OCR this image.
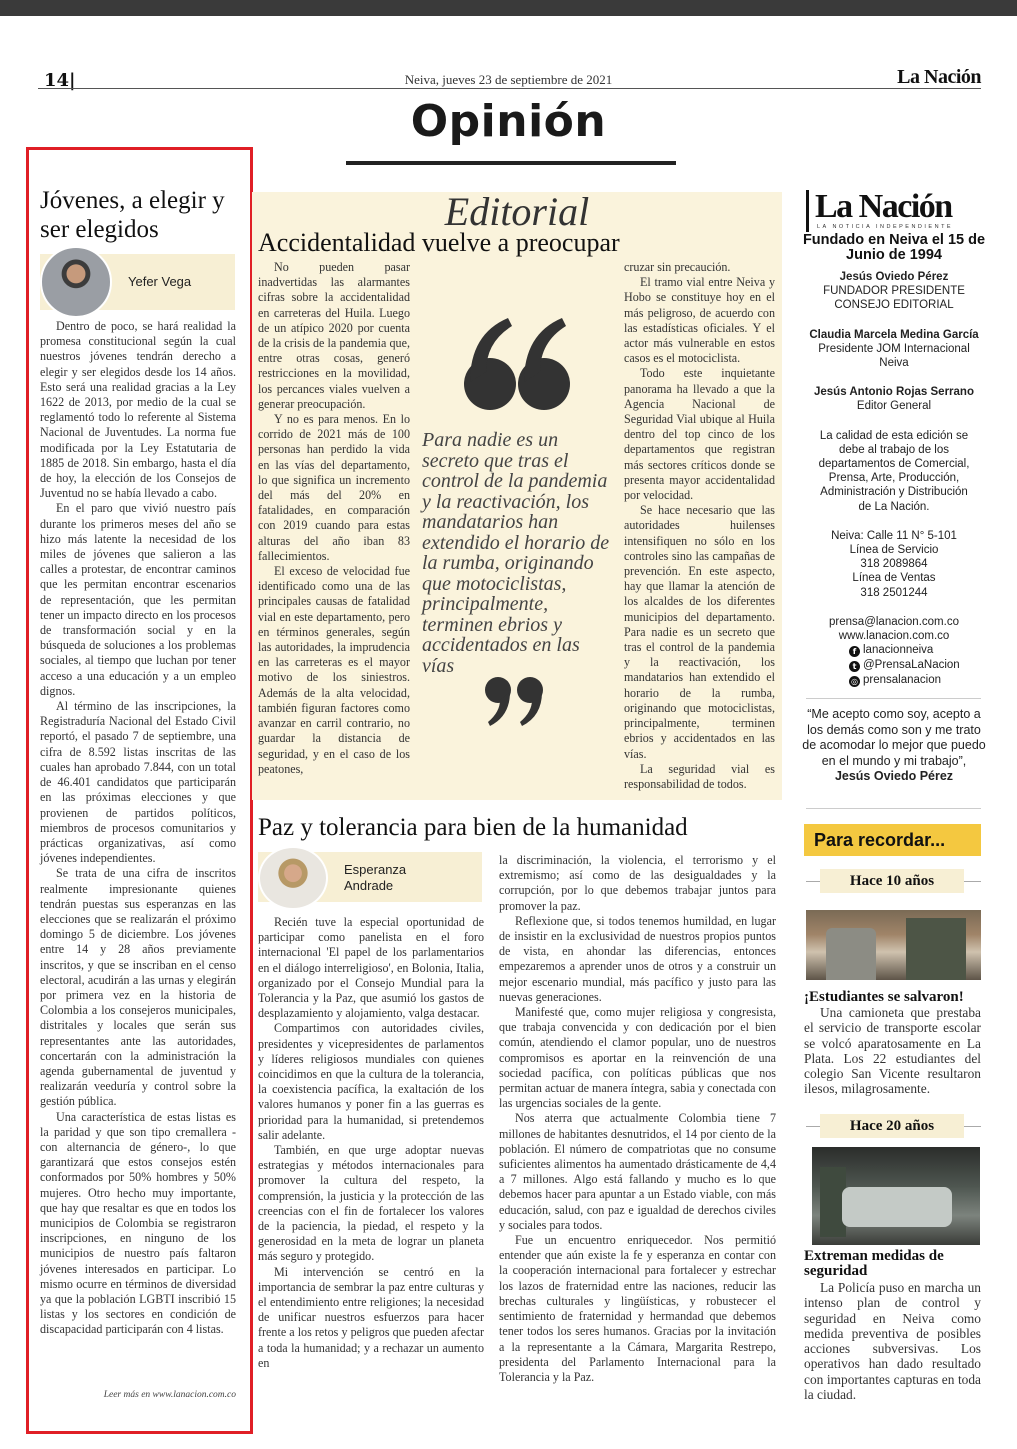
14|	Neiva, jueves 23 de septiembre de 2021	La Nación
Opinión
Jóvenes, a elegir y ser elegidos
Yefer Vega

Dentro de poco, se hará realidad la promesa constitucional según la cual nuestros jóvenes tendrán derecho a elegir y ser elegidos desde los 14 años. Esto será una realidad gracias a la Ley 1622 de 2013, por medio de la cual se reglamentó todo lo referente al Sistema Nacional de Juventudes. La norma fue modificada por la Ley Estatutaria de 1885 de 2018. Sin embargo, hasta el día de hoy, la elección de los Consejos de Juventud no se había llevado a cabo.

En el paro que vivió nuestro país durante los primeros meses del año se hizo más latente la necesidad de los miles de jóvenes que salieron a las calles a protestar, de encontrar caminos que les permitan encontrar escenarios de representación, que les permitan tener un impacto directo en los procesos de transformación social y en la búsqueda de soluciones a los problemas sociales, al tiempo que luchan por tener acceso a una educación y a un empleo dignos.

Al término de las inscripciones, la Registraduría Nacional del Estado Civil reportó, el pasado 7 de septiembre, una cifra de 8.592 listas inscritas de las cuales han aprobado 7.844, con un total de 46.401 candidatos que participarán en las próximas elecciones y que provienen de partidos políticos, miembros de procesos comunitarios y prácticas organizativas, así como jóvenes independientes.

Se trata de una cifra de inscritos realmente impresionante quienes tendrán puestas sus esperanzas en las elecciones que se realizarán el próximo domingo 5 de diciembre. Los jóvenes entre 14 y 28 años previamente inscritos, y que se inscriban en el censo electoral, acudirán a las urnas y elegirán por primera vez en la historia de Colombia a los consejeros municipales, distritales y locales que serán sus representantes ante las autoridades, concertarán con la administración la agenda gubernamental de juventud y realizarán veeduría y control sobre la gestión pública.

Una característica de estas listas es la paridad y que son tipo cremallera -con alternancia de género-, lo que garantizará que estos consejos estén conformados por 50% hombres y 50% mujeres. Otro hecho muy importante, que hay que resaltar es que en todos los municipios de Colombia se registraron inscripciones, en ninguno de los municipios de nuestro país faltaron jóvenes interesados en participar. Lo mismo ocurre en términos de diversidad ya que la población LGBTI inscribió 15 listas y los sectores en condición de discapacidad participarán con 4 listas.

Leer más en www.lanacion.com.co
Editorial
Accidentalidad vuelve a preocupar

No pueden pasar inadvertidas las alarmantes cifras sobre la accidentalidad en carreteras del Huila. Luego de un atípico 2020 por cuenta de la crisis de la pandemia que, entre otras cosas, generó restricciones en la movilidad, los percances viales vuelven a generar preocupación.

Y no es para menos. En lo corrido de 2021 más de 100 personas han perdido la vida en las vías del departamento, lo que significa un incremento del más del 20% en fatalidades, en comparación con 2019 cuando para estas alturas del año iban 83 fallecimientos.

El exceso de velocidad fue identificado como una de las principales causas de fatalidad vial en este departamento, pero en términos generales, según las autoridades, la imprudencia en las carreteras es el mayor motivo de los siniestros. Además de la alta velocidad, también figuran factores como avanzar en carril contrario, no guardar la distancia de seguridad, y en el caso de los peatones,

Para nadie es un secreto que tras el control de la pandemia y la reactivación, los mandatarios han extendido el horario de la rumba, originando que motociclistas, principalmente, terminen ebrios y accidentados en las vías

cruzar sin precaución.

El tramo vial entre Neiva y Hobo se constituye hoy en el más peligroso, de acuerdo con las estadísticas oficiales. Y el actor más vulnerable en estos casos es el motociclista.

Todo este inquietante panorama ha llevado a que la Agencia Nacional de Seguridad Vial ubique al Huila dentro del top cinco de los departamentos que registran más sectores críticos donde se presenta mayor accidentalidad por velocidad.

Se hace necesario que las autoridades huilenses intensifiquen no sólo en los controles sino las campañas de prevención. En este aspecto, hay que llamar la atención de los alcaldes de los diferentes municipios del departamento. Para nadie es un secreto que tras el control de la pandemia y la reactivación, los mandatarios han extendido el horario de la rumba, originando que motociclistas, principalmente, terminen ebrios y accidentados en las vías.

La seguridad vial es responsabilidad de todos.

Paz y tolerancia para bien de la humanidad
Esperanza
Andrade

Recién tuve la especial oportunidad de participar como panelista en el foro internacional 'El papel de los parlamentarios en el diálogo interreligioso', en Bolonia, Italia, organizado por el Consejo Mundial para la Tolerancia y la Paz, que asumió los gastos de desplazamiento y alojamiento, valga destacar.

Compartimos con autoridades civiles, presidentes y vicepresidentes de parlamentos y líderes religiosos mundiales con quienes coincidimos en que la cultura de la tolerancia, la coexistencia pacífica, la exaltación de los valores humanos y poner fin a las guerras es prioridad para la humanidad, si pretendemos salir adelante.

También, en que urge adoptar nuevas estrategias y métodos internacionales para promover la cultura del respeto, la comprensión, la justicia y la protección de las creencias con el fin de fortalecer los valores de la paciencia, la piedad, el respeto y la generosidad en la meta de lograr un planeta más seguro y protegido.

Mi intervención se centró en la importancia de sembrar la paz entre culturas y el entendimiento entre religiones; la necesidad de unificar nuestros esfuerzos para hacer frente a los retos y peligros que pueden afectar a toda la humanidad; y a rechazar un aumento en

la discriminación, la violencia, el terrorismo y el extremismo; así como de las desigualdades y la corrupción, por lo que debemos trabajar juntos para promover la paz.

Reflexione que, si todos tenemos humildad, en lugar de insistir en la exclusividad de nuestros propios puntos de vista, en ahondar las diferencias, entonces empezaremos a aprender unos de otros y a construir un mejor escenario mundial, más pacífico y justo para las nuevas generaciones.

Manifesté que, como mujer religiosa y congresista, que trabaja convencida y con dedicación por el bien común, atendiendo el clamor popular, uno de nuestros compromisos es aportar en la reinvención de una sociedad pacífica, con políticas públicas que nos permitan actuar de manera íntegra, sabia y conectada con las urgencias sociales de la gente.

Nos aterra que actualmente Colombia tiene 7 millones de habitantes desnutridos, el 14 por ciento de la población. El número de compatriotas que no consume suficientes alimentos ha aumentado drásticamente de 4,4 a 7 millones. Algo está fallando y mucho es lo que debemos hacer para apuntar a un Estado viable, con más educación, salud, con paz e igualdad de derechos civiles y sociales para todos.

Fue un encuentro enriquecedor. Nos permitió entender que aún existe la fe y esperanza en contar con la cooperación internacional para fortalecer y estrechar los lazos de fraternidad entre las naciones, reducir las brechas culturales y lingüísticas, y robustecer el sentimiento de fraternidad y hermandad que debemos tener todos los seres humanos. Gracias por la invitación a la representante a la Cámara, Margarita Restrepo, presidenta del Parlamento Internacional para la Tolerancia y la Paz.

La Nación
LA NOTICIA INDEPENDIENTE
Fundado en Neiva el 15 de Junio de 1994
Jesús Oviedo Pérez
FUNDADOR PRESIDENTE CONSEJO EDITORIAL
Claudia Marcela Medina García
Presidente JOM Internacional Neiva
Jesús Antonio Rojas Serrano
Editor General
La calidad de esta edición se debe al trabajo de los departamentos de Comercial, Prensa, Arte, Producción, Administración y Distribución de La Nación.
Neiva: Calle 11 N° 5-101
Línea de Servicio
318 2089864
Línea de Ventas
318 2501244
prensa@lanacion.com.co
www.lanacion.com.co
f lanacionneiva
t @PrensaLaNacion
◎ prensalanacion
“Me acepto como soy, acepto a los demás como son y me trato de acomodar lo mejor que puedo en el mundo y mi trabajo”,
Jesús Oviedo Pérez
Para recordar...
Hace 10 años
¡Estudiantes se salvaron!

Una camioneta que prestaba el servicio de transporte escolar se volcó aparatosamente en La Plata. Los 22 estudiantes del colegio San Vicente resultaron ilesos, milagrosamente.

Hace 20 años
Extreman medidas de seguridad

La Policía puso en marcha un intenso plan de control y seguridad en Neiva como medida preventiva de posibles acciones subversivas. Los operativos han dado resultado con importantes capturas en toda la ciudad.
